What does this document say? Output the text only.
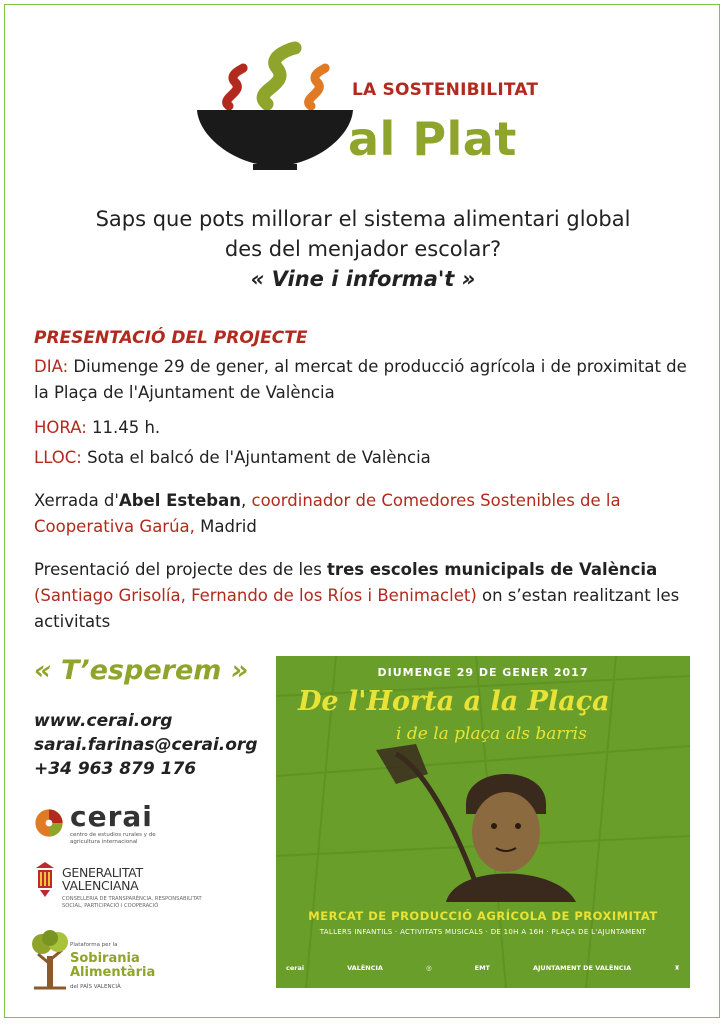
LA SOSTENIBILITAT
al Plat
Saps que pots millorar el sistema alimentari global
des del menjador escolar?
« Vine i informa't »
PRESENTACIÓ DEL PROJECTE
DIA: Diumenge 29 de gener, al mercat de producció agrícola i de proximitat de la Plaça de l'Ajuntament de València
HORA: 11.45 h.
LLOC: Sota el balcó de l'Ajuntament de València
Xerrada d'Abel Esteban, coordinador de Comedores Sostenibles de la Cooperativa Garúa, Madrid
Presentació del projecte des de les tres escoles municipals de València (Santiago Grisolía, Fernando de los Ríos i Benimaclet) on s’estan realitzant les activitats
« T’esperem »
www.cerai.org
sarai.farinas@cerai.org
+34 963 879 176
cerai
centro de estudios rurales y de agricultura internacional
GENERALITAT
VALENCIANA
CONSELLERIA DE TRANSPARÈNCIA, RESPONSABILITAT SOCIAL, PARTICIPACIÓ I COOPERACIÓ
Plataforma per la
Sobirania
Alimentària
del PAÍS VALENCIÀ
DIUMENGE 29 DE GENER 2017
De l'Horta a la Plaça
i de la plaça als barris
MERCAT DE PRODUCCIÓ AGRÍCOLA DE PROXIMITAT
TALLERS INFANTILS · ACTIVITATS MUSICALS · DE 10H A 16H · PLAÇA DE L'AJUNTAMENT
cerai	VALÈNCIA	◎	EMT	AJUNTAMENT DE VALÈNCIA	♜
